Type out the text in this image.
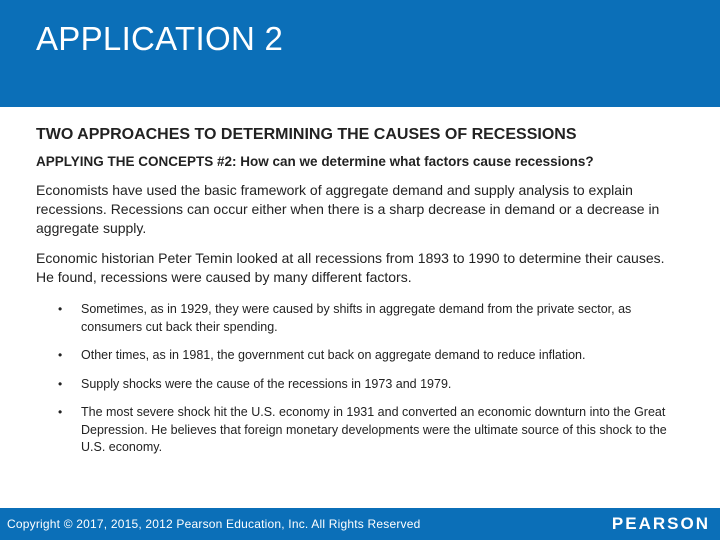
APPLICATION 2
TWO APPROACHES TO DETERMINING THE CAUSES OF RECESSIONS
APPLYING THE CONCEPTS #2: How can we determine what factors cause recessions?

Economists have used the basic framework of aggregate demand and supply analysis to explain recessions. Recessions can occur either when there is a sharp decrease in demand or a decrease in aggregate supply.

Economic historian Peter Temin looked at all recessions from 1893 to 1990 to determine their causes. He found, recessions were caused by many different factors.

• Sometimes, as in 1929, they were caused by shifts in aggregate demand from the private sector, as consumers cut back their spending.
• Other times, as in 1981, the government cut back on aggregate demand to reduce inflation.
• Supply shocks were the cause of the recessions in 1973 and 1979.
• The most severe shock hit the U.S. economy in 1931 and converted an economic downturn into the Great Depression. He believes that foreign monetary developments were the ultimate source of this shock to the U.S. economy.
Copyright © 2017, 2015, 2012 Pearson Education, Inc. All Rights Reserved	PEARSON
